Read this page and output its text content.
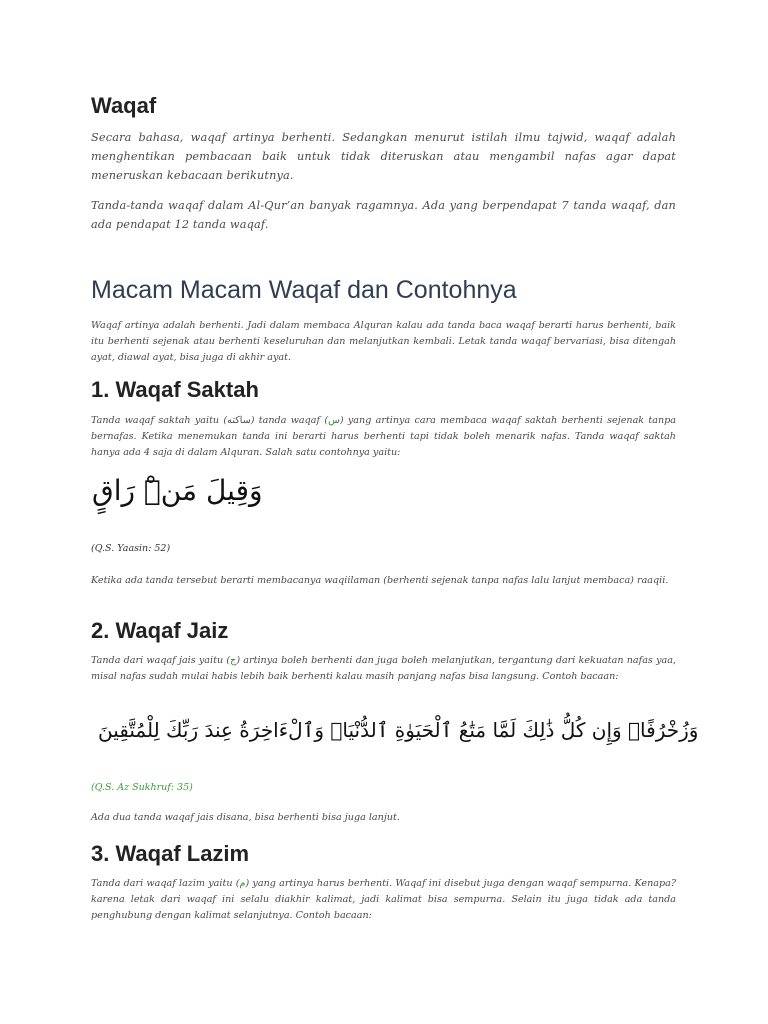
Waqaf

Secara bahasa, waqaf artinya berhenti. Sedangkan menurut istilah ilmu tajwid, waqaf adalah menghentikan pembacaan baik untuk tidak diteruskan atau mengambil nafas agar dapat meneruskan kebacaan berikutnya.

Tanda-tanda waqaf dalam Al-Qur’an banyak ragamnya. Ada yang berpendapat 7 tanda waqaf, dan ada pendapat 12 tanda waqaf.

Macam Macam Waqaf dan Contohnya

Waqaf artinya adalah berhenti. Jadi dalam membaca Alquran kalau ada tanda baca waqaf berarti harus berhenti, baik itu berhenti sejenak atau berhenti keseluruhan dan melanjutkan kembali. Letak tanda waqaf bervariasi, bisa ditengah ayat, diawal ayat, bisa juga di akhir ayat.

1. Waqaf Saktah

Tanda waqaf saktah yaitu (ساكته) tanda waqaf (س) yang artinya cara membaca waqaf saktah berhenti sejenak tanpa bernafas. Ketika menemukan tanda ini berarti harus berhenti tapi tidak boleh menarik nafas. Tanda waqaf saktah hanya ada 4 saja di dalam Alquran. Salah satu contohnya yaitu:

وَقِيلَ مَنْۜ رَاقٍ

(Q.S. Yaasin: 52)

Ketika ada tanda tersebut berarti membacanya waqiilaman (berhenti sejenak tanpa nafas lalu lanjut membaca) raaqii.

2. Waqaf Jaiz

Tanda dari waqaf jais yaitu (ج) artinya boleh berhenti dan juga boleh melanjutkan, tergantung dari kekuatan nafas yaa, misal nafas sudah mulai habis lebih baik berhenti kalau masih panjang nafas bisa langsung. Contoh bacaan:

وَزُخْرُفًاۚ وَإِن كُلُّ ذَٰلِكَ لَمَّا مَتَٰعُ ٱلْحَيَوٰةِ ٱلدُّنْيَاۚ وَٱلْءَاخِرَةُ عِندَ رَبِّكَ لِلْمُتَّقِينَ

(Q.S. Az Sukhruf: 35)

Ada dua tanda waqaf jais disana, bisa berhenti bisa juga lanjut.

3. Waqaf Lazim

Tanda dari waqaf lazim yaitu (م) yang artinya harus berhenti. Waqaf ini disebut juga dengan waqaf sempurna. Kenapa? karena letak dari waqaf ini selalu diakhir kalimat, jadi kalimat bisa sempurna. Selain itu juga tidak ada tanda penghubung dengan kalimat selanjutnya. Contoh bacaan:
